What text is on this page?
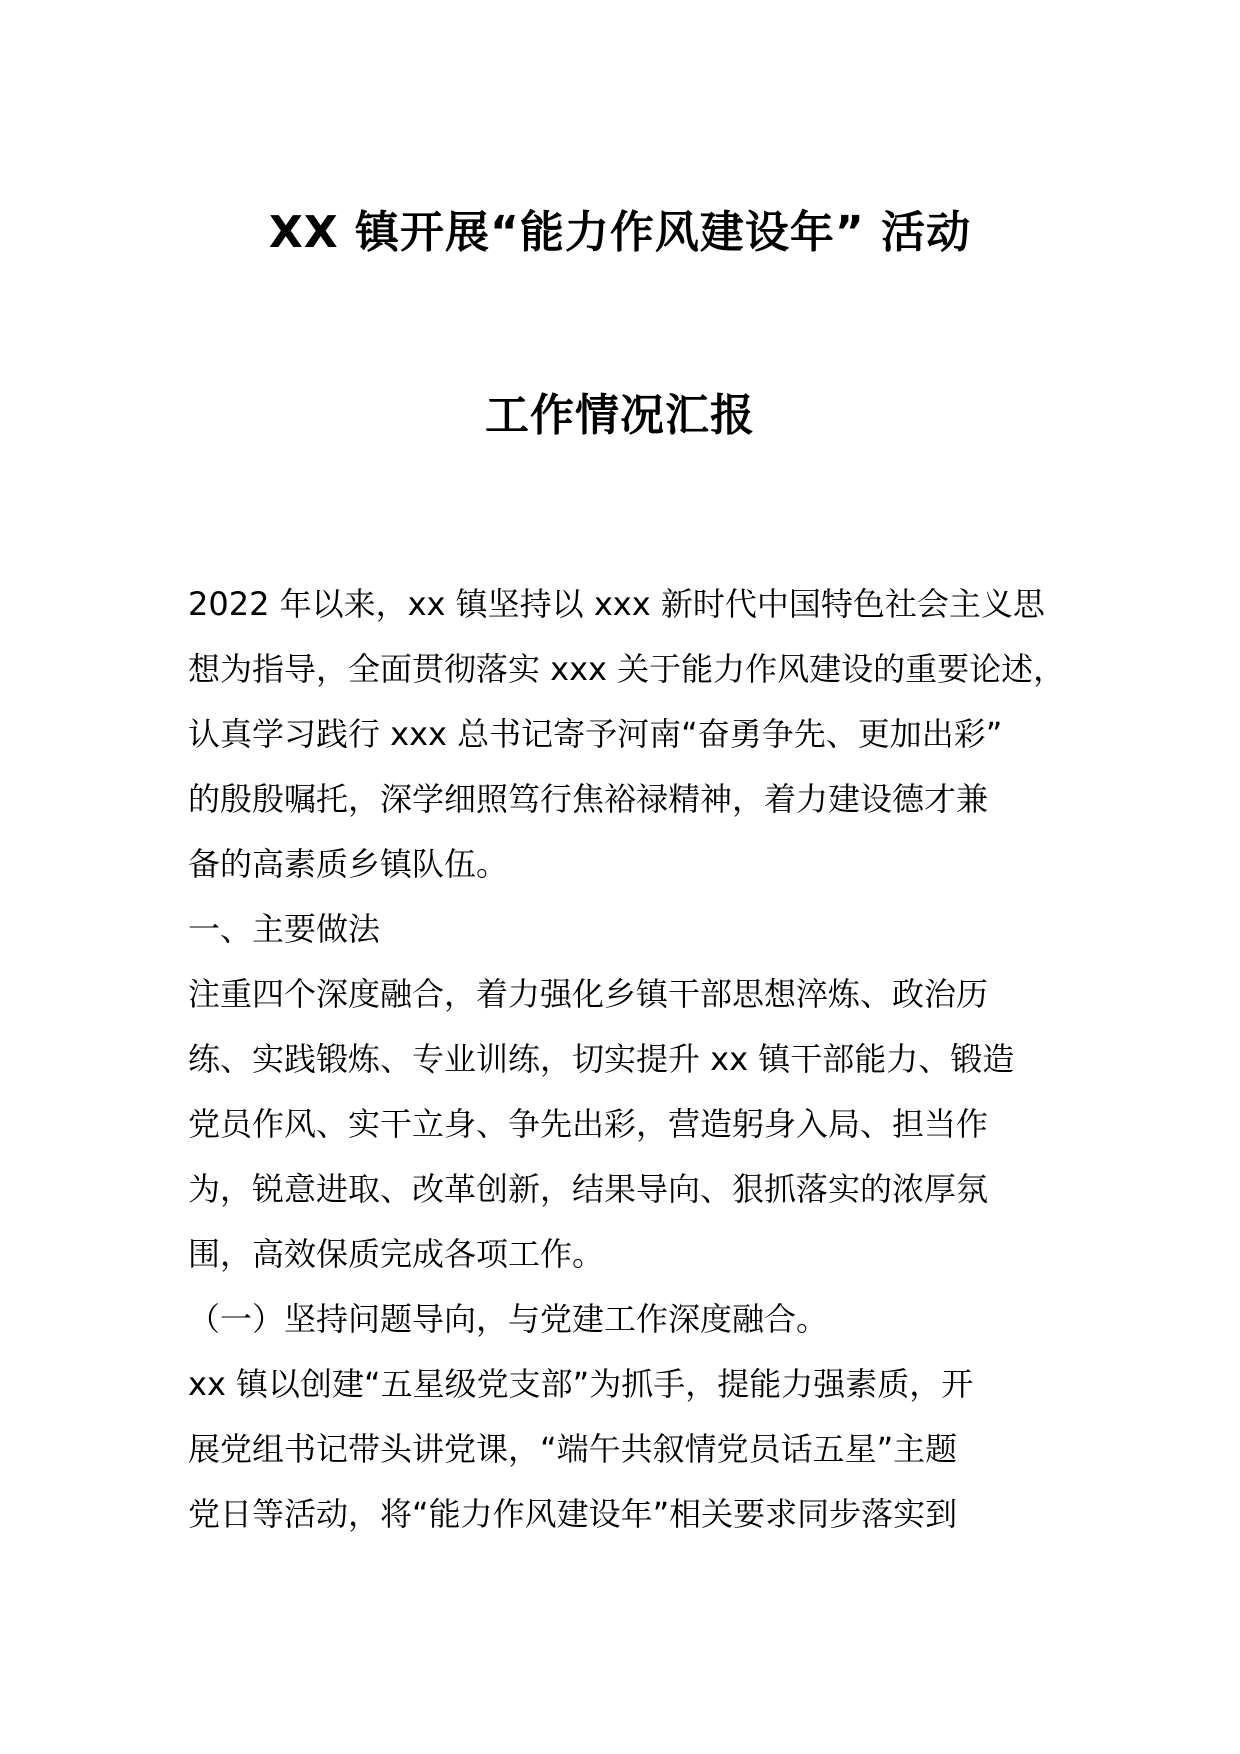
XX 镇开展“能力作风建设年” 活动
工作情况汇报
2022 年以来，xx 镇坚持以 xxx 新时代中国特色社会主义思
想为指导，全面贯彻落实 xxx 关于能力作风建设的重要论述，
认真学习践行 xxx 总书记寄予河南“奋勇争先、更加出彩”
的殷殷嘱托，深学细照笃行焦裕禄精神，着力建设德才兼
备的高素质乡镇队伍。
一、主要做法
注重四个深度融合，着力强化乡镇干部思想淬炼、政治历
练、实践锻炼、专业训练，切实提升 xx 镇干部能力、锻造
党员作风、实干立身、争先出彩，营造躬身入局、担当作
为，锐意进取、改革创新，结果导向、狠抓落实的浓厚氛
围，高效保质完成各项工作。
（一）坚持问题导向，与党建工作深度融合。
xx 镇以创建“五星级党支部”为抓手，提能力强素质，开
展党组书记带头讲党课，“端午共叙情党员话五星”主题
党日等活动，将“能力作风建设年”相关要求同步落实到
